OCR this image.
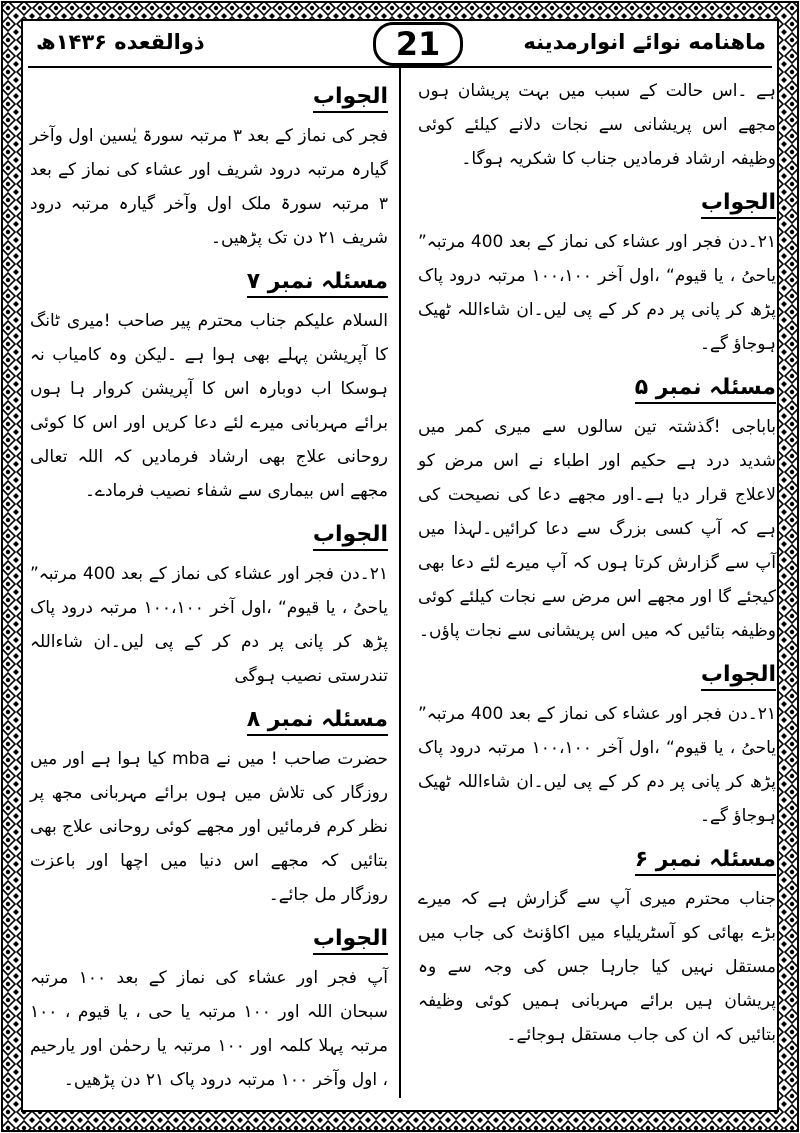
ماهنامه نوائے انوارمدینه
21
ذوالقعده ۱۴۳۶ھ

ہے ۔اس حالت کے سبب میں بہت پریشان ہوں مجھے اس پریشانی سے نجات دلانے کیلئے کوئی وظیفہ ارشاد فرمادیں جناب کا شکریہ ہوگا۔

الجواب

۲۱۔دن فجر اور عشاء کی نماز کے بعد 400 مرتبہ” یاحیُ ، یا قیوم“ ،اول آخر ۱۰۰،۱۰۰ مرتبہ درود پاک پڑھ کر پانی پر دم کر کے پی لیں۔ان شاءاللہ ٹھیک ہوجاؤ گے۔

مسئلہ نمبر ۵

باباجی !گذشتہ تین سالوں سے میری کمر میں شدید درد ہے حکیم اور اطباء نے اس مرض کو لاعلاج قرار دیا ہے۔اور مجھے دعا کی نصیحت کی ہے کہ آپ کسی بزرگ سے دعا کرائیں۔لہذا میں آپ سے گزارش کرتا ہوں کہ آپ میرے لئے دعا بھی کیجئے گا اور مجھے اس مرض سے نجات کیلئے کوئی وظیفہ بتائیں کہ میں اس پریشانی سے نجات پاؤں۔

الجواب

۲۱۔دن فجر اور عشاء کی نماز کے بعد 400 مرتبہ” یاحیُ ، یا قیوم“ ،اول آخر ۱۰۰،۱۰۰ مرتبہ درود پاک پڑھ کر پانی پر دم کر کے پی لیں۔ان شاءاللہ ٹھیک ہوجاؤ گے۔

مسئلہ نمبر ۶

جناب محترم میری آپ سے گزارش ہے کہ میرے بڑے بھائی کو آسٹریلیاء میں اکاؤنٹ کی جاب میں مستقل نہیں کیا جارہا جس کی وجہ سے وہ پریشان ہیں برائے مہربانی ہمیں کوئی وظیفہ بتائیں کہ ان کی جاب مستقل ہوجائے۔

الجواب

فجر کی نماز کے بعد ۳ مرتبہ سورۃ یٰسین اول وآخر گیارہ مرتبہ درود شریف اور عشاء کی نماز کے بعد ۳ مرتبہ سورۃ ملک اول وآخر گیارہ مرتبہ درود شریف ۲۱ دن تک پڑھیں۔

مسئلہ نمبر ۷

السلام علیکم جناب محترم پیر صاحب !میری ٹانگ کا آپریشن پہلے بھی ہوا ہے ۔لیکن وہ کامیاب نہ ہوسکا اب دوبارہ اس کا آپریشن کروار ہا ہوں برائے مہربانی میرے لئے دعا کریں اور اس کا کوئی روحانی علاج بھی ارشاد فرمادیں کہ اللہ تعالی مجھے اس بیماری سے شفاء نصیب فرمادے۔

الجواب

۲۱۔دن فجر اور عشاء کی نماز کے بعد 400 مرتبہ” یاحیُ ، یا قیوم“ ،اول آخر ۱۰۰،۱۰۰ مرتبہ درود پاک پڑھ کر پانی پر دم کر کے پی لیں۔ان شاءاللہ تندرستی نصیب ہوگی

مسئلہ نمبر ۸

حضرت صاحب ! میں نے mba کیا ہوا ہے اور میں روزگار کی تلاش میں ہوں برائے مہربانی مجھ پر نظر کرم فرمائیں اور مجھے کوئی روحانی علاج بھی بتائیں کہ مجھے اس دنیا میں اچھا اور باعزت روزگار مل جائے۔

الجواب

آپ فجر اور عشاء کی نماز کے بعد ۱۰۰ مرتبہ سبحان اللہ اور ۱۰۰ مرتبہ یا حی ، یا قیوم ، ۱۰۰ مرتبہ پہلا کلمہ اور ۱۰۰ مرتبہ یا رحمٰن اور یارحیم ، اول وآخر ۱۰۰ مرتبہ درود پاک ۲۱ دن پڑھیں۔
